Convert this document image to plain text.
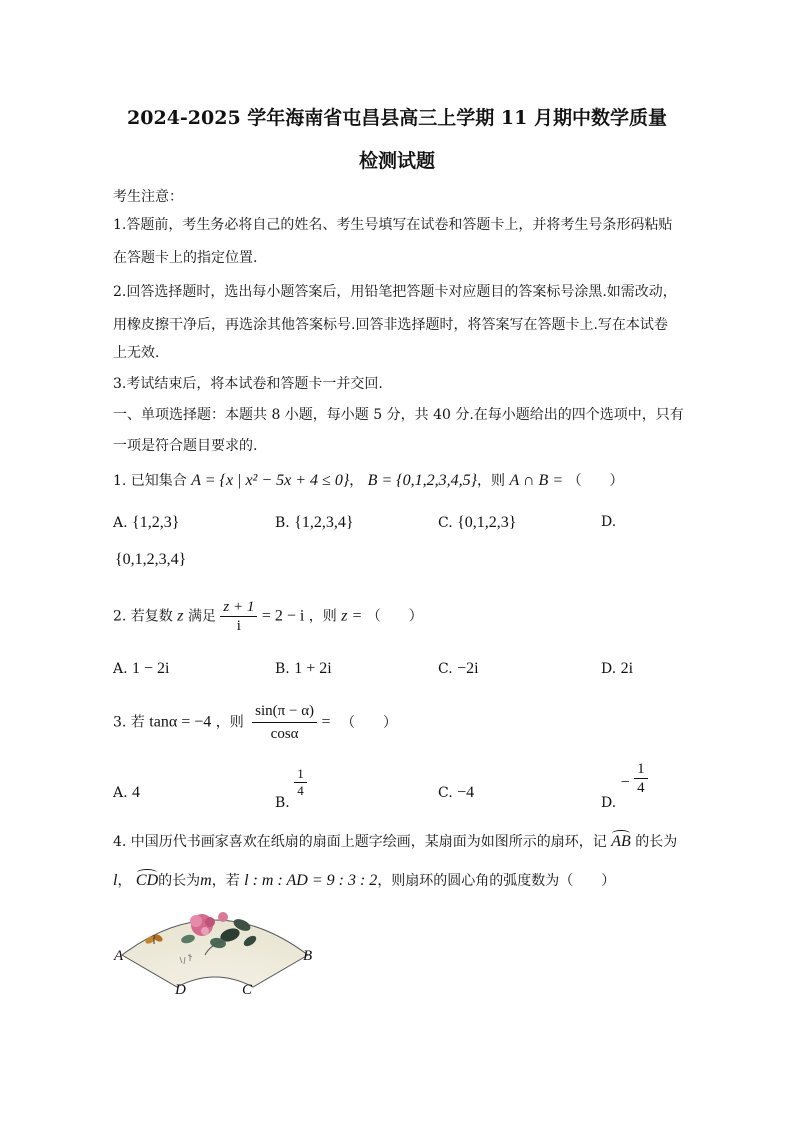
2024-2025 学年海南省屯昌县高三上学期 11 月期中数学质量
检测试题
考生注意：
1.答题前，考生务必将自己的姓名、考生号填写在试卷和答题卡上，并将考生号条形码粘贴
在答题卡上的指定位置.
2.回答选择题时，选出每小题答案后，用铅笔把答题卡对应题目的答案标号涂黑.如需改动，
用橡皮擦干净后，再选涂其他答案标号.回答非选择题时，将答案写在答题卡上.写在本试卷
上无效.
3.考试结束后，将本试卷和答题卡一并交回.
一、单项选择题：本题共 8 小题，每小题 5 分，共 40 分.在每小题给出的四个选项中，只有
一项是符合题目要求的.
1. 已知集合 A = {x | x² − 5x + 4 ≤ 0}， B = {0,1,2,3,4,5}，则 A ∩ B = （　　）
A. {1,2,3}	B. {1,2,3,4}	C. {0,1,2,3}	D.
{0,1,2,3,4}
2. 若复数 z 满足 $\frac{z + 1}{i} = 2 - i$ ，则 z = （　　）
A. 1 − 2i	B. 1 + 2i	C. −2i	D. 2i
3. 若 tanα = −4 ，则 $\frac{\sin(\pi - \alpha)}{\cos\alpha}$ = （　　）
A. 4
B.
$\frac{1}{4}$	C. −4
D. − $\frac{1}{4}$
4. 中国历代书画家喜欢在纸扇的扇面上题字绘画，某扇面为如图所示的扇环，记 AB 的长为
l， CD的长为m，若 l : m : AD = 9 : 3 : 2，则扇环的圆心角的弧度数为（　　）
A	B
D	C
